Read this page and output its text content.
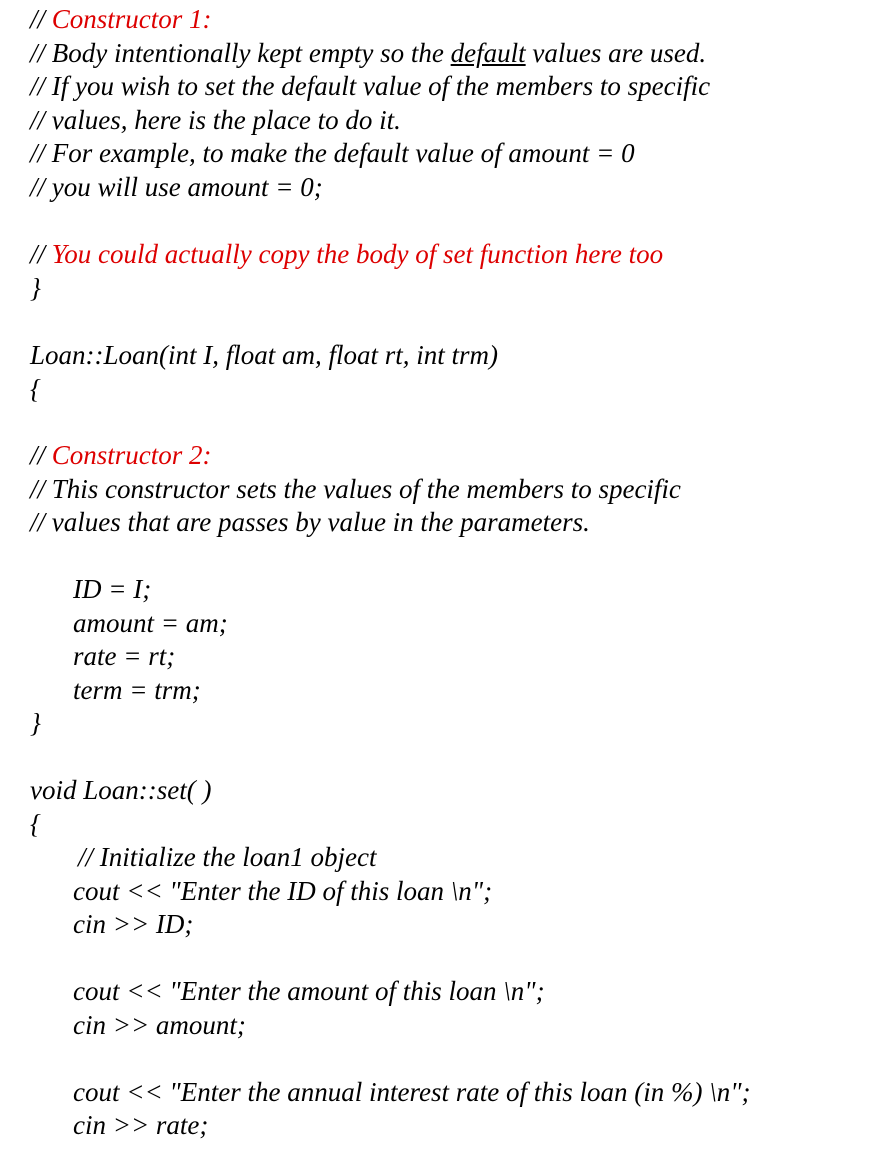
// Constructor 1:
// Body intentionally kept empty so the default values are used.
// If you wish to set the default value of the members to specific
// values, here is the place to do it.
// For example, to make the default value of amount = 0
// you will use amount = 0;
// You could actually copy the body of set function here too
}
Loan::Loan(int I, float am, float rt, int trm)
{
// Constructor 2:
// This constructor sets the values of the members to specific
// values that are passes by value in the parameters.
ID = I;
amount = am;
rate = rt;
term = trm;
}
void Loan::set( )
{
// Initialize the loan1 object
cout << "Enter the ID of this loan \n";
cin >> ID;
cout << "Enter the amount of this loan \n";
cin >> amount;
cout << "Enter the annual interest rate of this loan (in %) \n";
cin >> rate;
